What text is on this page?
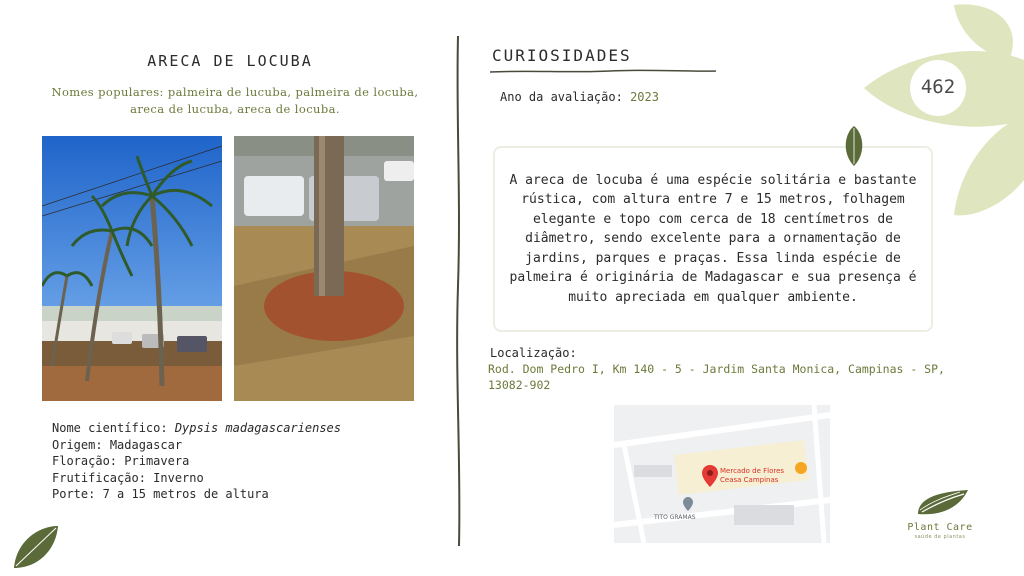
ARECA DE LOCUBA
Nomes populares: palmeira de lucuba, palmeira de locuba, areca de lucuba, areca de locuba.
Nome científico: Dypsis madagascarienses
Origem: Madagascar
Floração: Primavera
Frutificação: Inverno
Porte: 7 a 15 metros de altura
CURIOSIDADES
Ano da avaliação: 2023

A areca de locuba é uma espécie solitária e bastante rústica, com altura entre 7 e 15 metros, folhagem elegante e topo com cerca de 18 centímetros de diâmetro, sendo excelente para a ornamentação de jardins, parques e praças. Essa linda espécie de palmeira é originária de Madagascar e sua presença é muito apreciada em qualquer ambiente.

Localização:
Rod. Dom Pedro I, Km 140 - 5 - Jardim Santa Monica, Campinas - SP, 13082-902
Mercado de Flores
Ceasa Campinas
TITO GRAMAS
462
Plant Care
saúde de plantas
